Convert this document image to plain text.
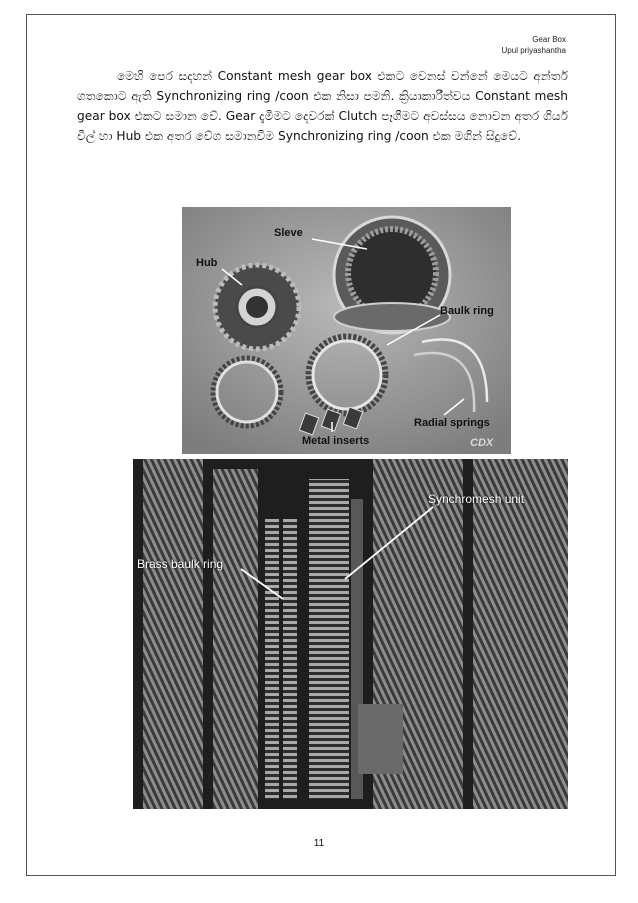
Gear Box
Upul priyashantha
මෙහි පෙර සදහන් Constant mesh gear box එකට වෙනස් වන්නේ මෙයට අන්තර් ගතකොට ඇති Synchronizing ring /coon එක නිසා පමනි. ක්‍රියාකාරීත්වය Constant mesh gear box එකට සමාන වේ. Gear දැමීමට දෙවරක් Clutch පෑගීමට අවස්සය නොවන අතර ගියර් වීල් හා Hub එක අතර වේග සමානවීම Synchronizing ring /coon එක මගින් සිදුවේ.
Sleve
Hub
Baulk ring
Radial springs
Metal inserts	CDX
Synchromesh unit
Brass baulk ring
11
